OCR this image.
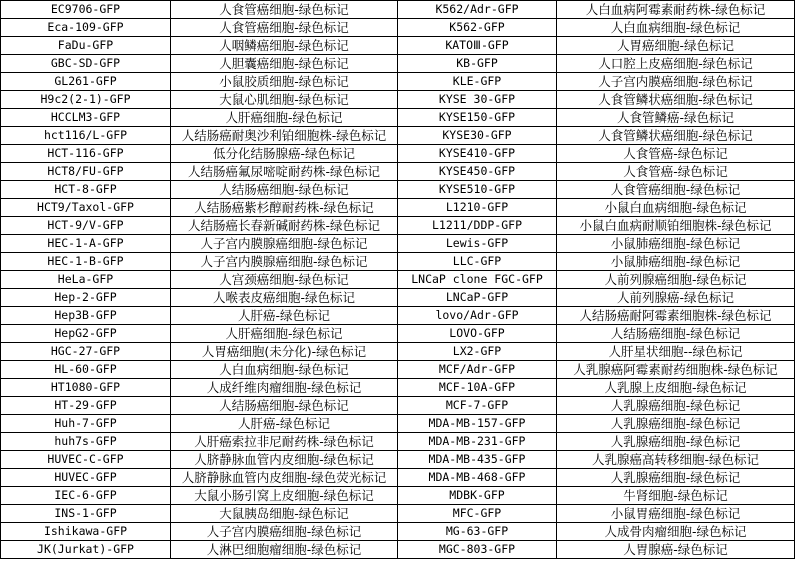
EC9706-GFP	人食管癌细胞-绿色标记	K562/Adr-GFP	人白血病阿霉素耐药株-绿色标记
Eca-109-GFP	人食管癌细胞-绿色标记	K562-GFP	人白血病细胞-绿色标记
FaDu-GFP	人咽鳞癌细胞-绿色标记	KATOⅢ-GFP	人胃癌细胞-绿色标记
GBC-SD-GFP	人胆囊癌细胞-绿色标记	KB-GFP	人口腔上皮癌细胞-绿色标记
GL261-GFP	小鼠胶质细胞-绿色标记	KLE-GFP	人子宫内膜癌细胞-绿色标记
H9c2(2-1)-GFP	大鼠心肌细胞-绿色标记	KYSE 30-GFP	人食管鳞状癌细胞-绿色标记
HCCLM3-GFP	人肝癌细胞-绿色标记	KYSE150-GFP	人食管鳞癌-绿色标记
hct116/L-GFP	人结肠癌耐奥沙利铂细胞株-绿色标记	KYSE30-GFP	人食管鳞状癌细胞-绿色标记
HCT-116-GFP	低分化结肠腺癌-绿色标记	KYSE410-GFP	人食管癌-绿色标记
HCT8/FU-GFP	人结肠癌氟尿嘧啶耐药株-绿色标记	KYSE450-GFP	人食管癌-绿色标记
HCT-8-GFP	人结肠癌细胞-绿色标记	KYSE510-GFP	人食管癌细胞-绿色标记
HCT9/Taxol-GFP	人结肠癌紫杉醇耐药株-绿色标记	L1210-GFP	小鼠白血病细胞-绿色标记
HCT-9/V-GFP	人结肠癌长春新碱耐药株-绿色标记	L1211/DDP-GFP	小鼠白血病耐顺铂细胞株-绿色标记
HEC-1-A-GFP	人子宫内膜腺癌细胞-绿色标记	Lewis-GFP	小鼠肺癌细胞-绿色标记
HEC-1-B-GFP	人子宫内膜腺癌细胞-绿色标记	LLC-GFP	小鼠肺癌细胞-绿色标记
HeLa-GFP	人宫颈癌细胞-绿色标记	LNCaP clone FGC-GFP	人前列腺癌细胞-绿色标记
Hep-2-GFP	人喉表皮癌细胞-绿色标记	LNCaP-GFP	人前列腺癌-绿色标记
Hep3B-GFP	人肝癌-绿色标记	lovo/Adr-GFP	人结肠癌耐阿霉素细胞株-绿色标记
HepG2-GFP	人肝癌细胞-绿色标记	LOVO-GFP	人结肠癌细胞-绿色标记
HGC-27-GFP	人胃癌细胞(未分化)-绿色标记	LX2-GFP	人肝星状细胞--绿色标记
HL-60-GFP	人白血病细胞-绿色标记	MCF/Adr-GFP	人乳腺癌阿霉素耐药细胞株-绿色标记
HT1080-GFP	人成纤维肉瘤细胞-绿色标记	MCF-10A-GFP	人乳腺上皮细胞-绿色标记
HT-29-GFP	人结肠癌细胞-绿色标记	MCF-7-GFP	人乳腺癌细胞-绿色标记
Huh-7-GFP	人肝癌-绿色标记	MDA-MB-157-GFP	人乳腺癌细胞-绿色标记
huh7s-GFP	人肝癌索拉非尼耐药株-绿色标记	MDA-MB-231-GFP	人乳腺癌细胞-绿色标记
HUVEC-C-GFP	人脐静脉血管内皮细胞-绿色标记	MDA-MB-435-GFP	人乳腺癌高转移细胞-绿色标记
HUVEC-GFP	人脐静脉血管内皮细胞-绿色荧光标记	MDA-MB-468-GFP	人乳腺癌细胞-绿色标记
IEC-6-GFP	大鼠小肠引窝上皮细胞-绿色标记	MDBK-GFP	牛肾细胞-绿色标记
INS-1-GFP	大鼠胰岛细胞-绿色标记	MFC-GFP	小鼠胃癌细胞-绿色标记
Ishikawa-GFP	人子宫内膜癌细胞-绿色标记	MG-63-GFP	人成骨肉瘤细胞-绿色标记
JK(Jurkat)-GFP	人淋巴细胞瘤细胞-绿色标记	MGC-803-GFP	人胃腺癌-绿色标记
